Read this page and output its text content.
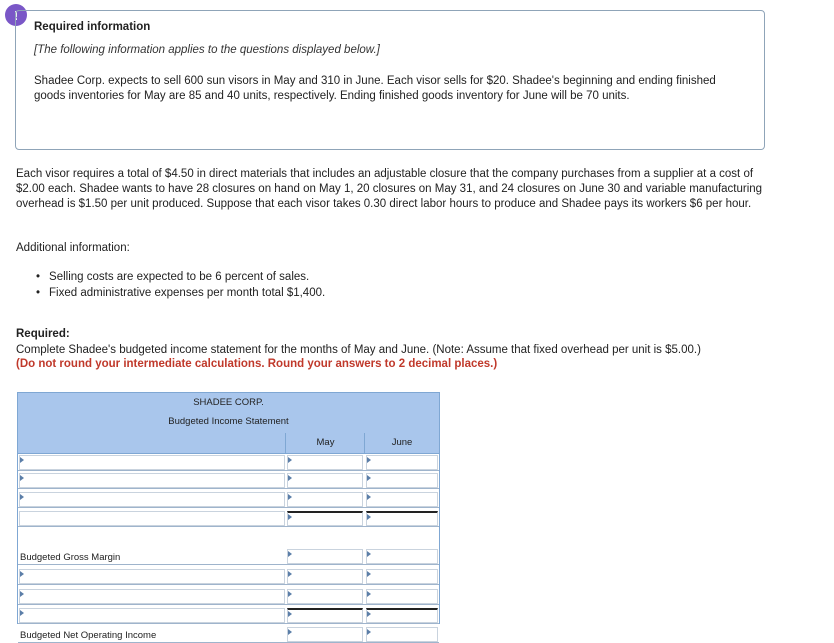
!
Required information
[The following information applies to the questions displayed below.]
Shadee Corp. expects to sell 600 sun visors in May and 310 in June. Each visor sells for $20. Shadee's beginning and ending finished goods inventories for May are 85 and 40 units, respectively. Ending finished goods inventory for June will be 70 units.
Each visor requires a total of $4.50 in direct materials that includes an adjustable closure that the company purchases from a supplier at a cost of $2.00 each. Shadee wants to have 28 closures on hand on May 1, 20 closures on May 31, and 24 closures on June 30 and variable manufacturing overhead is $1.50 per unit produced. Suppose that each visor takes 0.30 direct labor hours to produce and Shadee pays its workers $6 per hour.
Additional information:
• Selling costs are expected to be 6 percent of sales.
• Fixed administrative expenses per month total $1,400.
Required:
Complete Shadee's budgeted income statement for the months of May and June. (Note: Assume that fixed overhead per unit is $5.00.)
(Do not round your intermediate calculations. Round your answers to 2 decimal places.)
SHADEE CORP.
Budgeted Income Statement
May	June
Budgeted Gross Margin
Budgeted Net Operating Income
